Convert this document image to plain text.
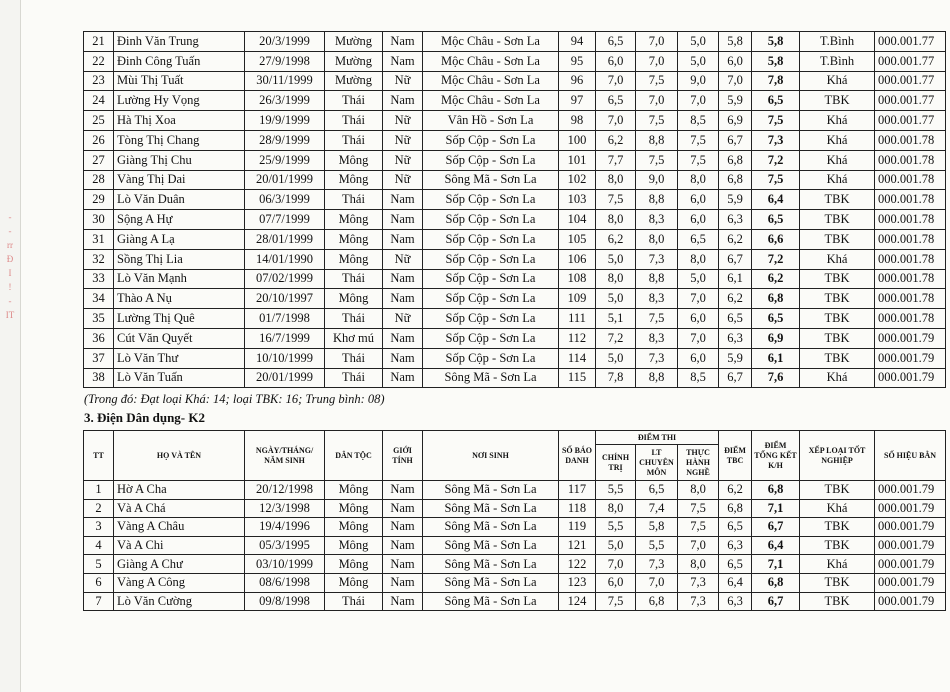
-
-
rr
Đ
I
!
-
IT
21	Đinh Văn Trung	20/3/1999	Mường	Nam	Mộc Châu - Sơn La	94	6,5	7,0	5,0	5,8	5,8	T.Bình	000.001.77
22	Đinh Công Tuấn	27/9/1998	Mường	Nam	Mộc Châu - Sơn La	95	6,0	7,0	5,0	6,0	5,8	T.Bình	000.001.77
23	Mùi Thị Tuất	30/11/1999	Mường	Nữ	Mộc Châu - Sơn La	96	7,0	7,5	9,0	7,0	7,8	Khá	000.001.77
24	Lường Hy Vọng	26/3/1999	Thái	Nam	Mộc Châu - Sơn La	97	6,5	7,0	7,0	5,9	6,5	TBK	000.001.77
25	Hà Thị Xoa	19/9/1999	Thái	Nữ	Vân Hồ - Sơn La	98	7,0	7,5	8,5	6,9	7,5	Khá	000.001.77
26	Tòng Thị Chang	28/9/1999	Thái	Nữ	Sốp Cộp - Sơn La	100	6,2	8,8	7,5	6,7	7,3	Khá	000.001.78
27	Giàng Thị Chu	25/9/1999	Mông	Nữ	Sốp Cộp - Sơn La	101	7,7	7,5	7,5	6,8	7,2	Khá	000.001.78
28	Vàng Thị Dai	20/01/1999	Mông	Nữ	Sông Mã - Sơn La	102	8,0	9,0	8,0	6,8	7,5	Khá	000.001.78
29	Lò Văn Duân	06/3/1999	Thái	Nam	Sốp Cộp - Sơn La	103	7,5	8,8	6,0	5,9	6,4	TBK	000.001.78
30	Sộng A Hự	07/7/1999	Mông	Nam	Sốp Cộp - Sơn La	104	8,0	8,3	6,0	6,3	6,5	TBK	000.001.78
31	Giàng A Lạ	28/01/1999	Mông	Nam	Sốp Cộp - Sơn La	105	6,2	8,0	6,5	6,2	6,6	TBK	000.001.78
32	Sồng Thị Lia	14/01/1990	Mông	Nữ	Sốp Cộp - Sơn La	106	5,0	7,3	8,0	6,7	7,2	Khá	000.001.78
33	Lò Văn Mạnh	07/02/1999	Thái	Nam	Sốp Cộp - Sơn La	108	8,0	8,8	5,0	6,1	6,2	TBK	000.001.78
34	Thào A Nụ	20/10/1997	Mông	Nam	Sốp Cộp - Sơn La	109	5,0	8,3	7,0	6,2	6,8	TBK	000.001.78
35	Lường Thị Quê	01/7/1998	Thái	Nữ	Sốp Cộp - Sơn La	111	5,1	7,5	6,0	6,5	6,5	TBK	000.001.78
36	Cút Văn Quyết	16/7/1999	Khơ mú	Nam	Sốp Cộp - Sơn La	112	7,2	8,3	7,0	6,3	6,9	TBK	000.001.79
37	Lò Văn Thư	10/10/1999	Thái	Nam	Sốp Cộp - Sơn La	114	5,0	7,3	6,0	5,9	6,1	TBK	000.001.79
38	Lò Văn Tuấn	20/01/1999	Thái	Nam	Sông Mã - Sơn La	115	7,8	8,8	8,5	6,7	7,6	Khá	000.001.79
(Trong đó: Đạt loại Khá: 14; loại TBK: 16; Trung bình: 08)
3. Điện Dân dụng- K2
TT	HỌ VÀ TÊN	NGÀY/THÁNG/ NĂM SINH	DÂN TỘC	GIỚI TÍNH	NƠI SINH	SỐ BÁO DANH	ĐIỂM THI			ĐIỂM TBC	ĐIỂM TỔNG KẾT K/H	XẾP LOẠI TỐT NGHIỆP	SỐ HIỆU BẰN
							CHÍNH TRỊ	LT CHUYÊN MÔN	THỰC HÀNH NGHỀ				
1	Hờ A Cha	20/12/1998	Mông	Nam	Sông Mã - Sơn La	117	5,5	6,5	8,0	6,2	6,8	TBK	000.001.79
2	Và A Chá	12/3/1998	Mông	Nam	Sông Mã - Sơn La	118	8,0	7,4	7,5	6,8	7,1	Khá	000.001.79
3	Vàng A Châu	19/4/1996	Mông	Nam	Sông Mã - Sơn La	119	5,5	5,8	7,5	6,5	6,7	TBK	000.001.79
4	Và A Chi	05/3/1995	Mông	Nam	Sông Mã - Sơn La	121	5,0	5,5	7,0	6,3	6,4	TBK	000.001.79
5	Giàng A Chư	03/10/1999	Mông	Nam	Sông Mã - Sơn La	122	7,0	7,3	8,0	6,5	7,1	Khá	000.001.79
6	Vàng A Công	08/6/1998	Mông	Nam	Sông Mã - Sơn La	123	6,0	7,0	7,3	6,4	6,8	TBK	000.001.79
7	Lò Văn Cường	09/8/1998	Thái	Nam	Sông Mã - Sơn La	124	7,5	6,8	7,3	6,3	6,7	TBK	000.001.79
